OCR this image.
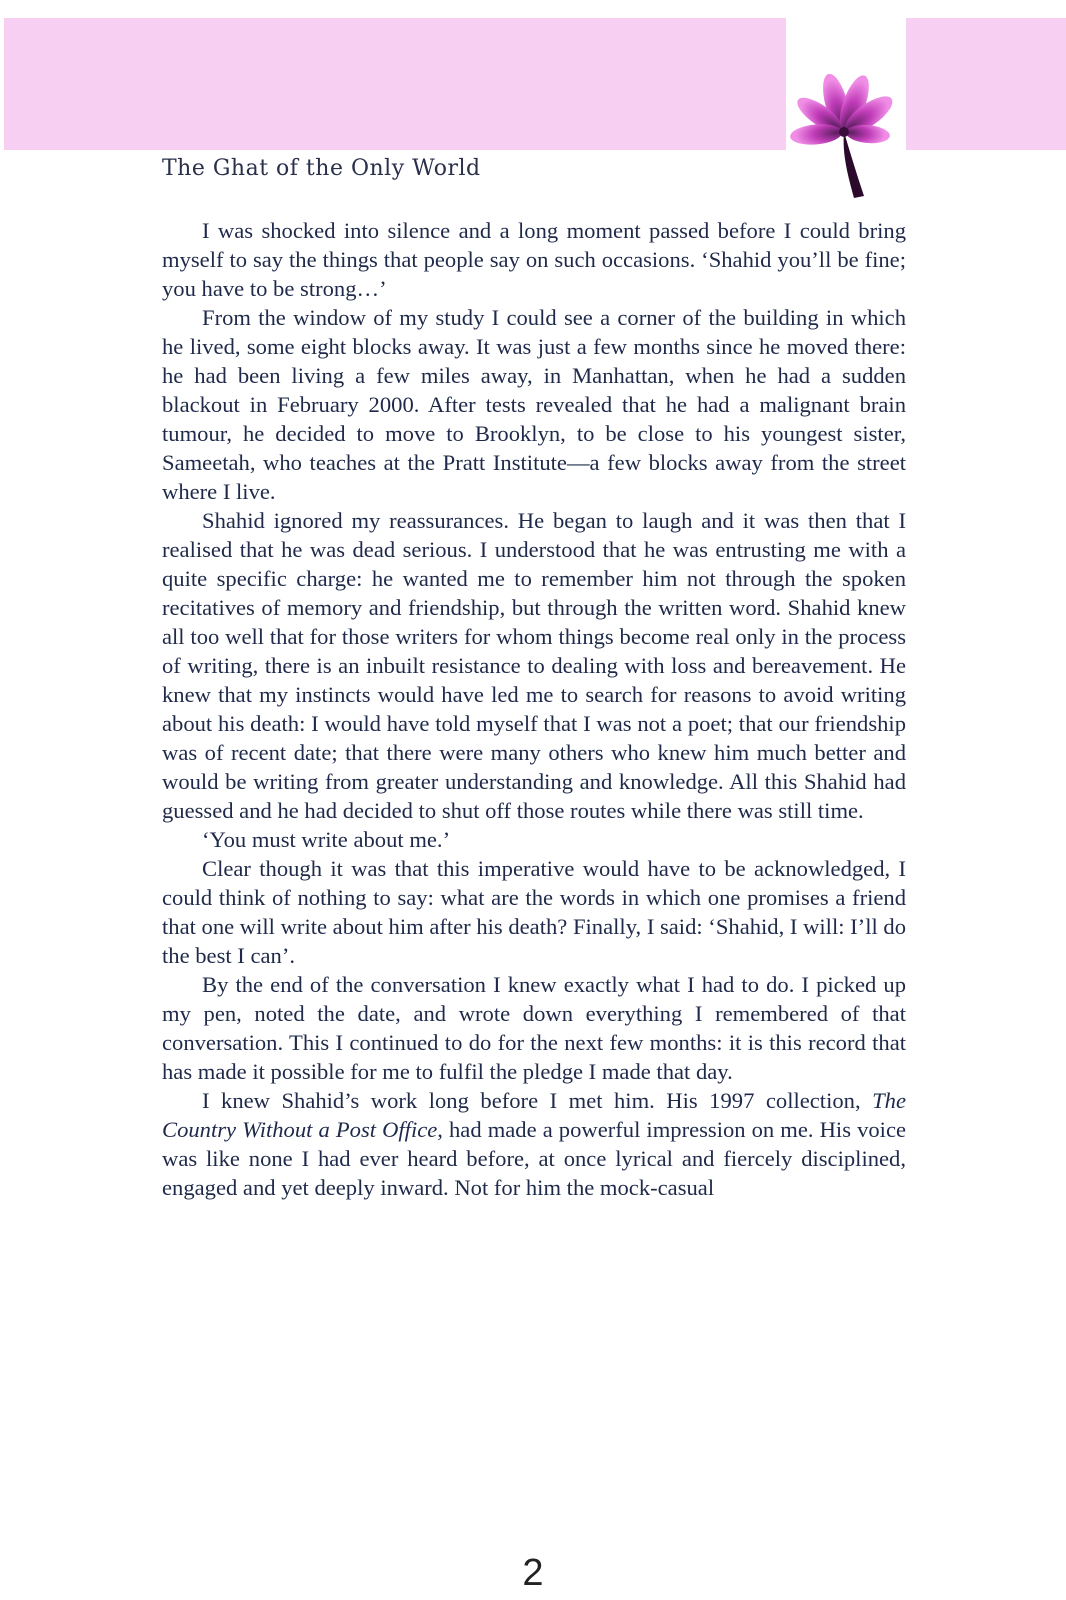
The Ghat of the Only World

I was shocked into silence and a long moment passed before I could bring myself to say the things that people say on such occasions. ‘Shahid you’ll be fine; you have to be strong…’

From the window of my study I could see a corner of the building in which he lived, some eight blocks away. It was just a few months since he moved there: he had been living a few miles away, in Manhattan, when he had a sudden blackout in February 2000. After tests revealed that he had a malignant brain tumour, he decided to move to Brooklyn, to be close to his youngest sister, Sameetah, who teaches at the Pratt Institute—a few blocks away from the street where I live.

Shahid ignored my reassurances. He began to laugh and it was then that I realised that he was dead serious. I understood that he was entrusting me with a quite specific charge: he wanted me to remember him not through the spoken recitatives of memory and friendship, but through the written word. Shahid knew all too well that for those writers for whom things become real only in the process of writing, there is an inbuilt resistance to dealing with loss and bereavement. He knew that my instincts would have led me to search for reasons to avoid writing about his death: I would have told myself that I was not a poet; that our friendship was of recent date; that there were many others who knew him much better and would be writing from greater understanding and knowledge. All this Shahid had guessed and he had decided to shut off those routes while there was still time.

‘You must write about me.’

Clear though it was that this imperative would have to be acknowledged, I could think of nothing to say: what are the words in which one promises a friend that one will write about him after his death? Finally, I said: ‘Shahid, I will: I’ll do the best I can’.

By the end of the conversation I knew exactly what I had to do. I picked up my pen, noted the date, and wrote down everything I remembered of that conversation. This I continued to do for the next few months: it is this record that has made it possible for me to fulfil the pledge I made that day.

I knew Shahid’s work long before I met him. His 1997 collection, The Country Without a Post Office, had made a powerful impression on me. His voice was like none I had ever heard before, at once lyrical and fiercely disciplined, engaged and yet deeply inward. Not for him the mock-casual

2
